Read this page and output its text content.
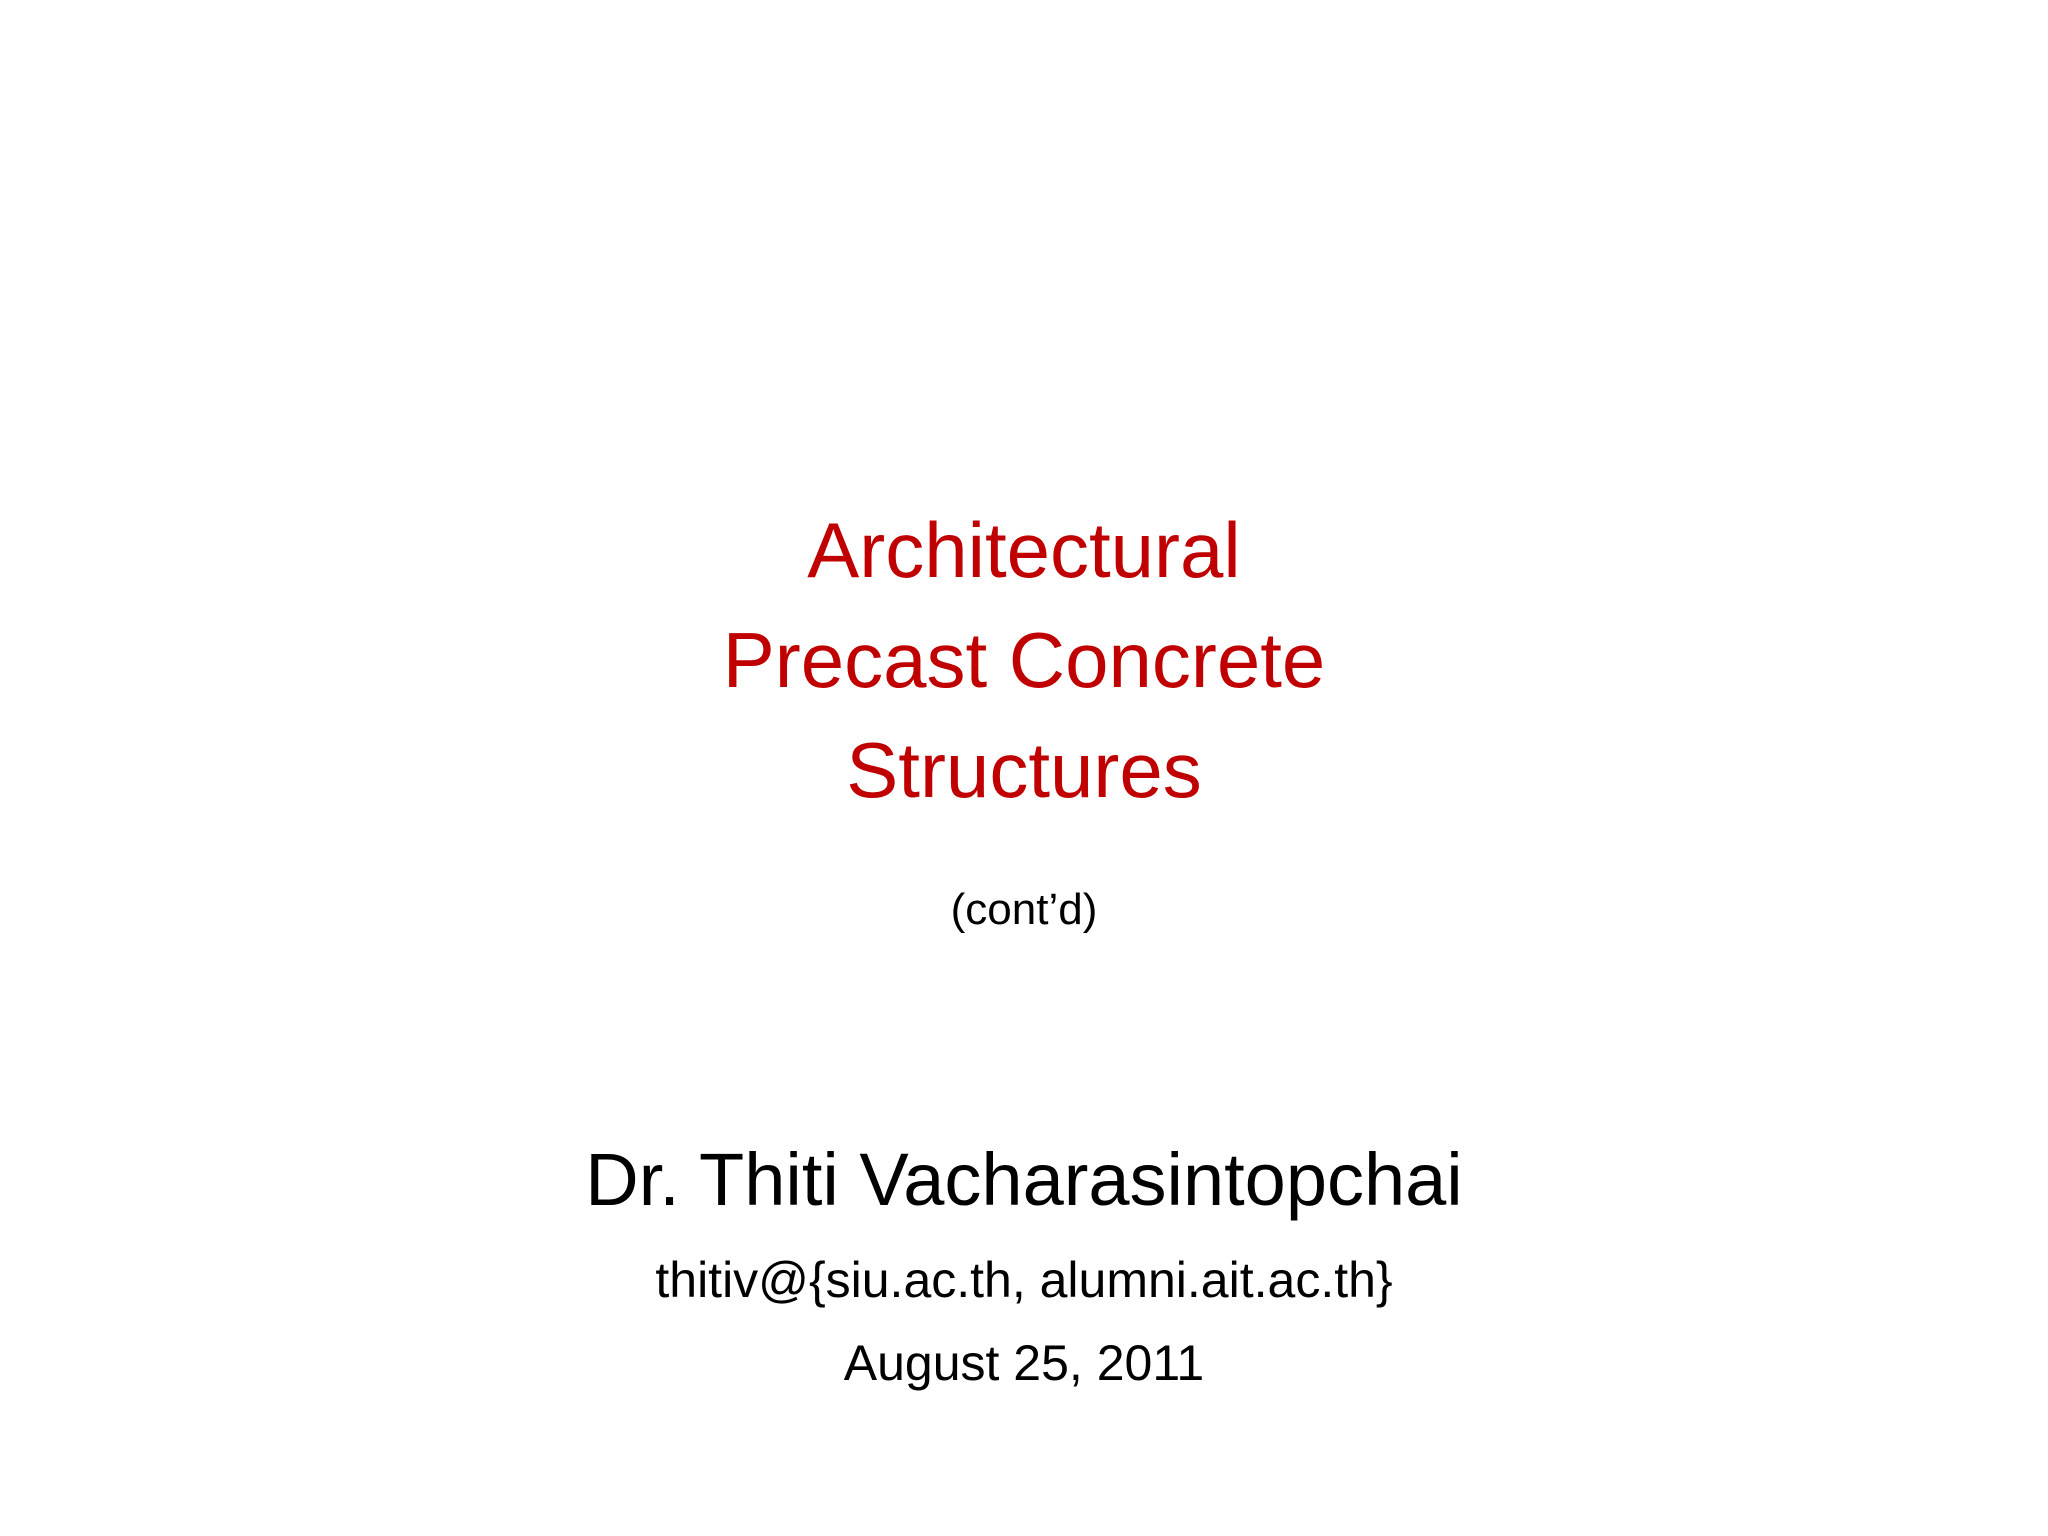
Architectural
Precast Concrete
Structures
(cont’d)
Dr. Thiti Vacharasintopchai
thitiv@{siu.ac.th, alumni.ait.ac.th}
August 25, 2011
